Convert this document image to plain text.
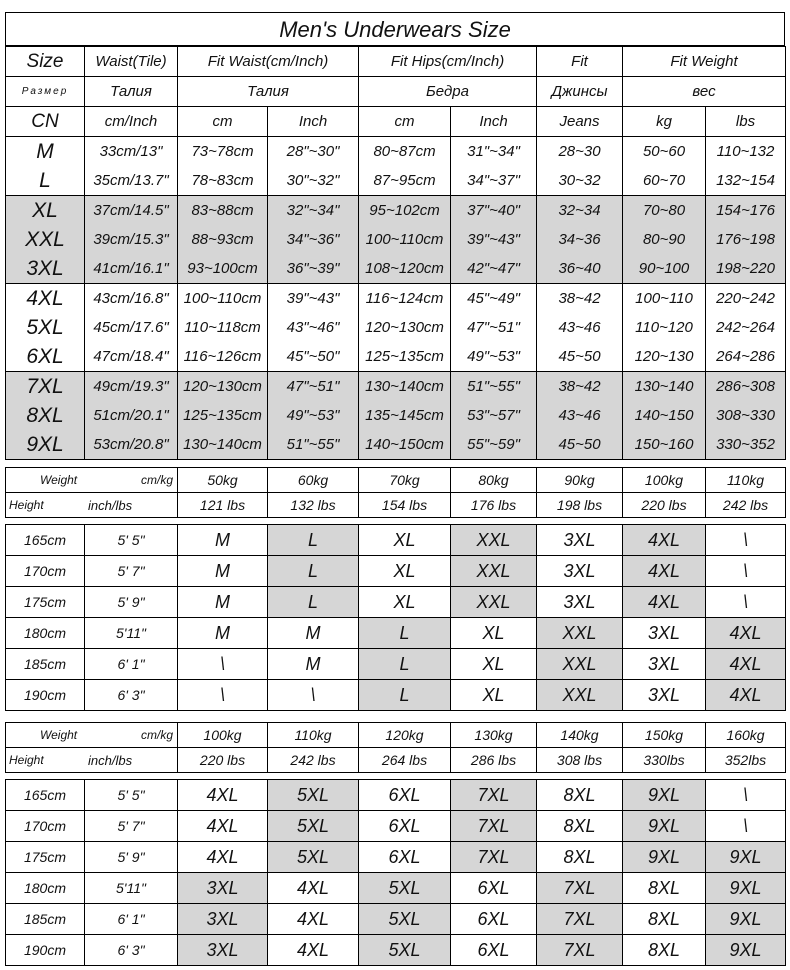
Men's Underwears Size
Size	Waist(Tile)	Fit Waist(cm/Inch)		Fit Hips(cm/Inch)		Fit	Fit Weight	
Размер	Талия	Талия		Бедра		Джинсы	вес	
CN	cm/Inch	cm	Inch	cm	Inch	Jeans	kg	lbs
M	33cm/13"	73~78cm	28"~30"	80~87cm	31"~34"	28~30	50~60	110~132
L	35cm/13.7"	78~83cm	30"~32"	87~95cm	34"~37"	30~32	60~70	132~154
XL	37cm/14.5"	83~88cm	32"~34"	95~102cm	37"~40"	32~34	70~80	154~176
XXL	39cm/15.3"	88~93cm	34"~36"	100~110cm	39"~43"	34~36	80~90	176~198
3XL	41cm/16.1"	93~100cm	36"~39"	108~120cm	42"~47"	36~40	90~100	198~220
4XL	43cm/16.8"	100~110cm	39"~43"	116~124cm	45"~49"	38~42	100~110	220~242
5XL	45cm/17.6"	110~118cm	43"~46"	120~130cm	47"~51"	43~46	110~120	242~264
6XL	47cm/18.4"	116~126cm	45"~50"	125~135cm	49"~53"	45~50	120~130	264~286
7XL	49cm/19.3"	120~130cm	47"~51"	130~140cm	51"~55"	38~42	130~140	286~308
8XL	51cm/20.1"	125~135cm	49"~53"	135~145cm	53"~57"	43~46	140~150	308~330
9XL	53cm/20.8"	130~140cm	51"~55"	140~150cm	55"~59"	45~50	150~160	330~352
Weight cm/kg		50kg	60kg	70kg	80kg	90kg	100kg	110kg

Height inch/lbs		121 lbs	132 lbs	154 lbs	176 lbs	198 lbs	220 lbs	242 lbs

165cm	5' 5"	M	L	XL	XXL	3XL	4XL	\
170cm	5' 7"	M	L	XL	XXL	3XL	4XL	\
175cm	5' 9"	M	L	XL	XXL	3XL	4XL	\
180cm	5'11"	M	M	L	XL	XXL	3XL	4XL
185cm	6' 1"	\	M	L	XL	XXL	3XL	4XL
190cm	6' 3"	\	\	L	XL	XXL	3XL	4XL
Weight cm/kg		100kg	110kg	120kg	130kg	140kg	150kg	160kg

Height inch/lbs		220 lbs	242 lbs	264 lbs	286 lbs	308 lbs	330lbs	352lbs

165cm	5' 5"	4XL	5XL	6XL	7XL	8XL	9XL	\
170cm	5' 7"	4XL	5XL	6XL	7XL	8XL	9XL	\
175cm	5' 9"	4XL	5XL	6XL	7XL	8XL	9XL	9XL
180cm	5'11"	3XL	4XL	5XL	6XL	7XL	8XL	9XL
185cm	6' 1"	3XL	4XL	5XL	6XL	7XL	8XL	9XL
190cm	6' 3"	3XL	4XL	5XL	6XL	7XL	8XL	9XL
